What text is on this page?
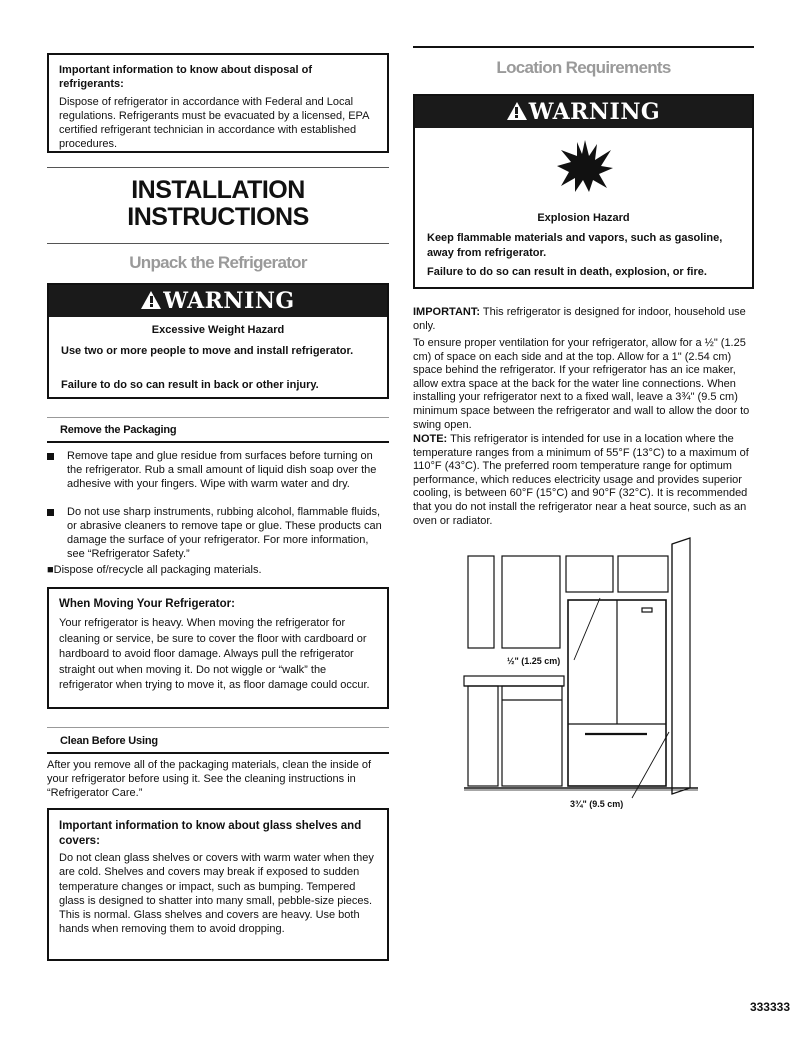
Important information to know about disposal of refrigerants:
Dispose of refrigerator in accordance with Federal and Local regulations. Refrigerants must be evacuated by a licensed, EPA certified refrigerant technician in accordance with established procedures.
INSTALLATION
INSTRUCTIONS
Unpack the Refrigerator
WARNING
Excessive Weight Hazard
Use two or more people to move and install refrigerator.
Failure to do so can result in back or other injury.
Remove the Packaging
Remove tape and glue residue from surfaces before turning on the refrigerator. Rub a small amount of liquid dish soap over the adhesive with your fingers. Wipe with warm water and dry.
Do not use sharp instruments, rubbing alcohol, flammable fluids, or abrasive cleaners to remove tape or glue. These products can damage the surface of your refrigerator. For more information, see “Refrigerator Safety.”
■Dispose of/recycle all packaging materials.
When Moving Your Refrigerator:
Your refrigerator is heavy. When moving the refrigerator for cleaning or service, be sure to cover the floor with cardboard or hardboard to avoid floor damage. Always pull the refrigerator straight out when moving it. Do not wiggle or “walk” the refrigerator when trying to move it, as floor damage could occur.
Clean Before Using
After you remove all of the packaging materials, clean the inside of your refrigerator before using it. See the cleaning instructions in “Refrigerator Care.”
Important information to know about glass shelves and covers:
Do not clean glass shelves or covers with warm water when they are cold. Shelves and covers may break if exposed to sudden temperature changes or impact, such as bumping. Tempered glass is designed to shatter into many small, pebble-size pieces. This is normal. Glass shelves and covers are heavy. Use both hands when removing them to avoid dropping.
Location Requirements
WARNING
Explosion Hazard
Keep flammable materials and vapors, such as gasoline, away from refrigerator.
Failure to do so can result in death, explosion, or fire.
IMPORTANT: This refrigerator is designed for indoor, household use only.
To ensure proper ventilation for your refrigerator, allow for a ½" (1.25 cm) of space on each side and at the top. Allow for a 1" (2.54 cm) space behind the refrigerator. If your refrigerator has an ice maker, allow extra space at the back for the water line connections. When installing your refrigerator next to a fixed wall, leave a 3¾" (9.5 cm) minimum space between the refrigerator and wall to allow the door to swing open.
NOTE: This refrigerator is intended for use in a location where the temperature ranges from a minimum of 55°F (13°C) to a maximum of 110°F (43°C). The preferred room temperature range for optimum performance, which reduces electricity usage and provides superior cooling, is between 60°F (15°C) and 90°F (32°C). It is recommended that you do not install the refrigerator near a heat source, such as an oven or radiator.
½" (1.25 cm)
3¾" (9.5 cm)
333333
